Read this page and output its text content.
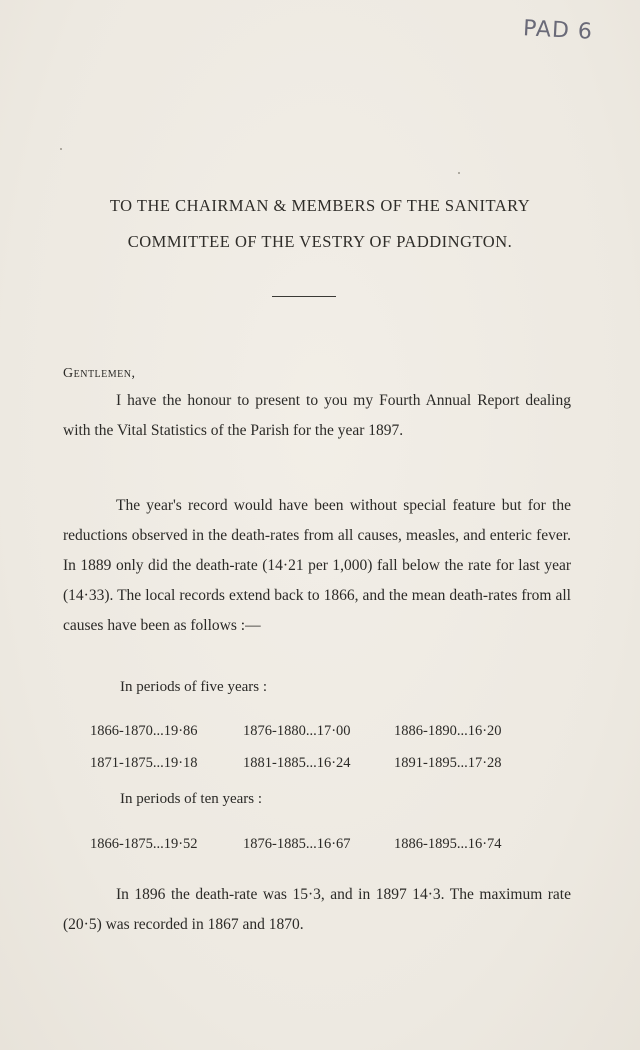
PAD 6
TO THE CHAIRMAN & MEMBERS OF THE SANITARY
COMMITTEE OF THE VESTRY OF PADDINGTON.
Gentlemen,
I have the honour to present to you my Fourth Annual Report dealing with the Vital Statistics of the Parish for the year 1897.
The year's record would have been without special feature but for the reductions observed in the death-rates from all causes, measles, and enteric fever. In 1889 only did the death-rate (14·21 per 1,000) fall below the rate for last year (14·33). The local records extend back to 1866, and the mean death-rates from all causes have been as follows :—
In periods of five years :
1866-1870...19·86	1876-1880...17·00	1886-1890...16·20
1871-1875...19·18	1881-1885...16·24	1891-1895...17·28
In periods of ten years :
1866-1875...19·52	1876-1885...16·67	1886-1895...16·74
In 1896 the death-rate was 15·3, and in 1897 14·3. The maximum rate (20·5) was recorded in 1867 and 1870.
